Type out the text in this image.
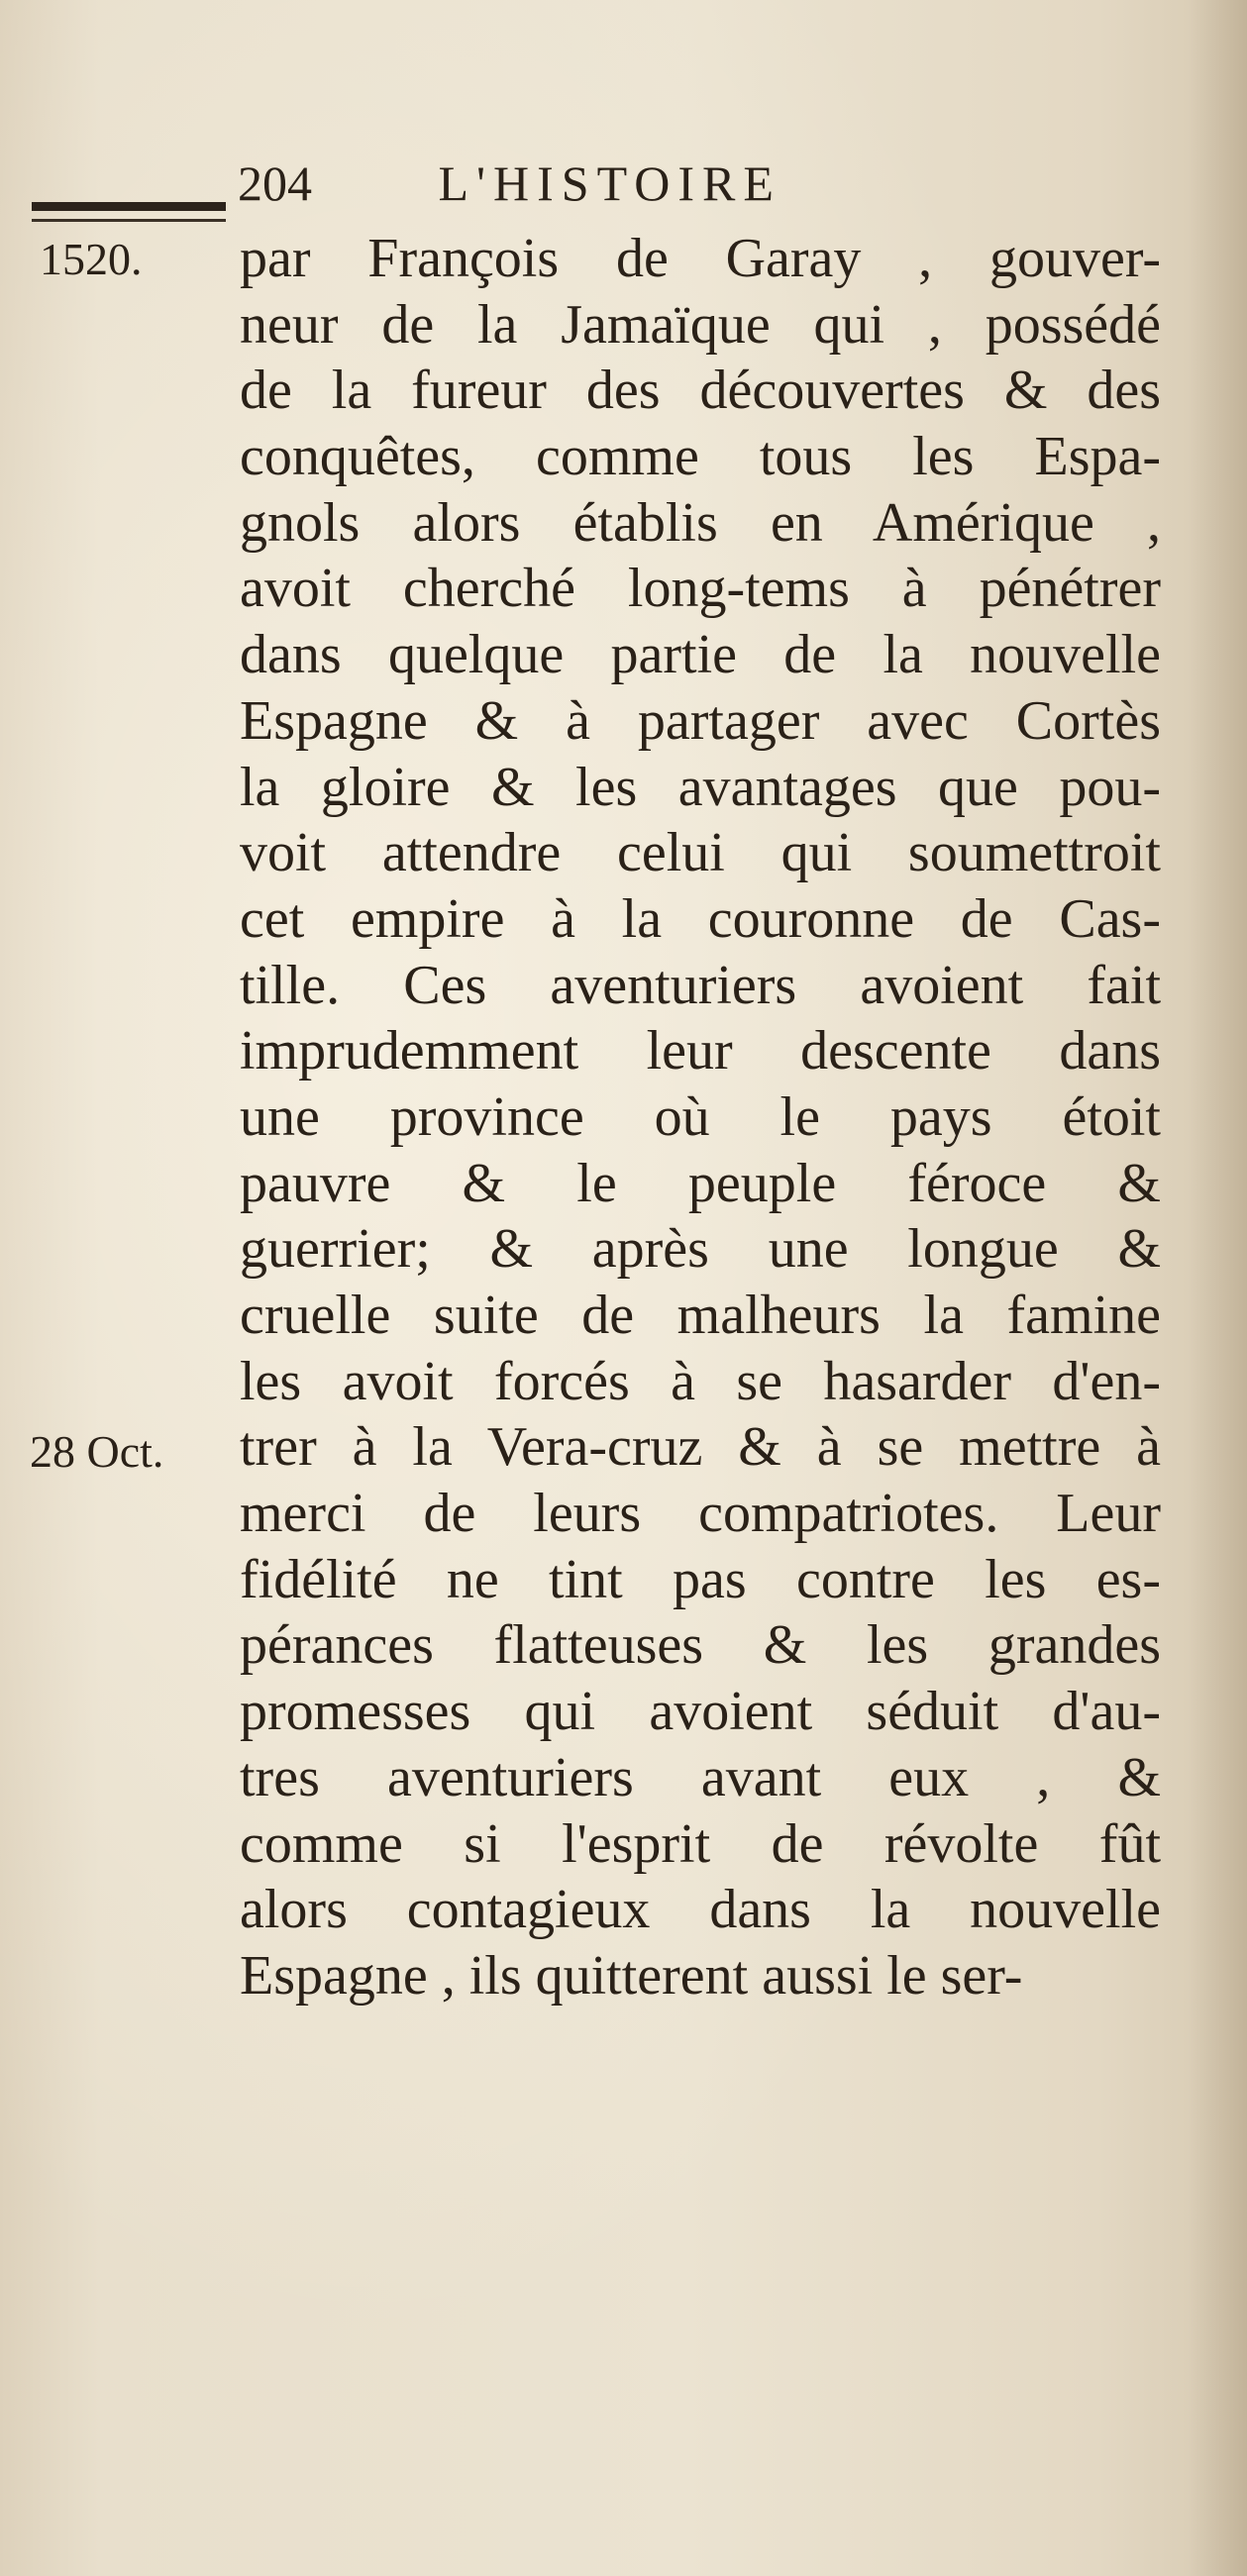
204	L'HISTOIRE
1520.
28 Oct.
par François de Garay , gouver-
neur de la Jamaïque qui , possédé
de la fureur des découvertes & des
conquêtes, comme tous les Espa-
gnols alors établis en Amérique ,
avoit cherché long-tems à pénétrer
dans quelque partie de la nouvelle
Espagne & à partager avec Cortès
la gloire & les avantages que pou-
voit attendre celui qui soumettroit
cet empire à la couronne de Cas-
tille. Ces aventuriers avoient fait
imprudemment leur descente dans
une province où le pays étoit
pauvre & le peuple féroce &
guerrier; & après une longue &
cruelle suite de malheurs la famine
les avoit forcés à se hasarder d'en-
trer à la Vera-cruz & à se mettre à
merci de leurs compatriotes. Leur
fidélité ne tint pas contre les es-
pérances flatteuses & les grandes
promesses qui avoient séduit d'au-
tres aventuriers avant eux , &
comme si l'esprit de révolte fût
alors contagieux dans la nouvelle
Espagne , ils quitterent aussi le ser-
